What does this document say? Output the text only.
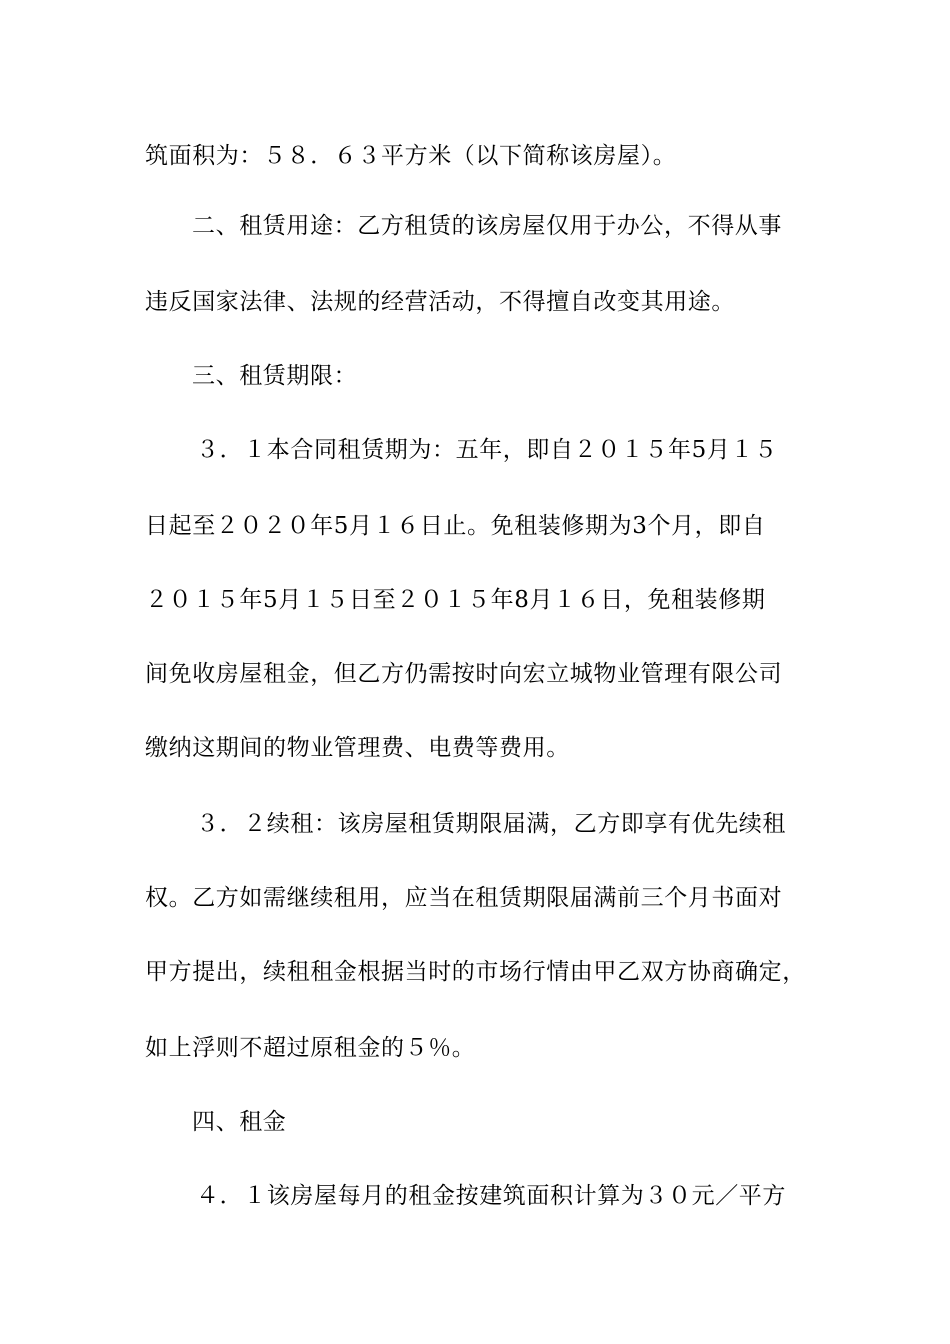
筑面积为：５８．６３平方米（以下简称该房屋）。
二、租赁用途：乙方租赁的该房屋仅用于办公，不得从事
违反国家法律、法规的经营活动，不得擅自改变其用途。
三、租赁期限：
３．１本合同租赁期为：五年，即自２０１５年5月１５
日起至２０２０年5月１６日止。免租装修期为3个月，即自
２０１５年5月１５日至２０１５年8月１６日，免租装修期
间免收房屋租金，但乙方仍需按时向宏立城物业管理有限公司
缴纳这期间的物业管理费、电费等费用。
３．２续租：该房屋租赁期限届满，乙方即享有优先续租
权。乙方如需继续租用，应当在租赁期限届满前三个月书面对
甲方提出，续租租金根据当时的市场行情由甲乙双方协商确定，
如上浮则不超过原租金的５％。
四、租金
４．１该房屋每月的租金按建筑面积计算为３０元／平方
